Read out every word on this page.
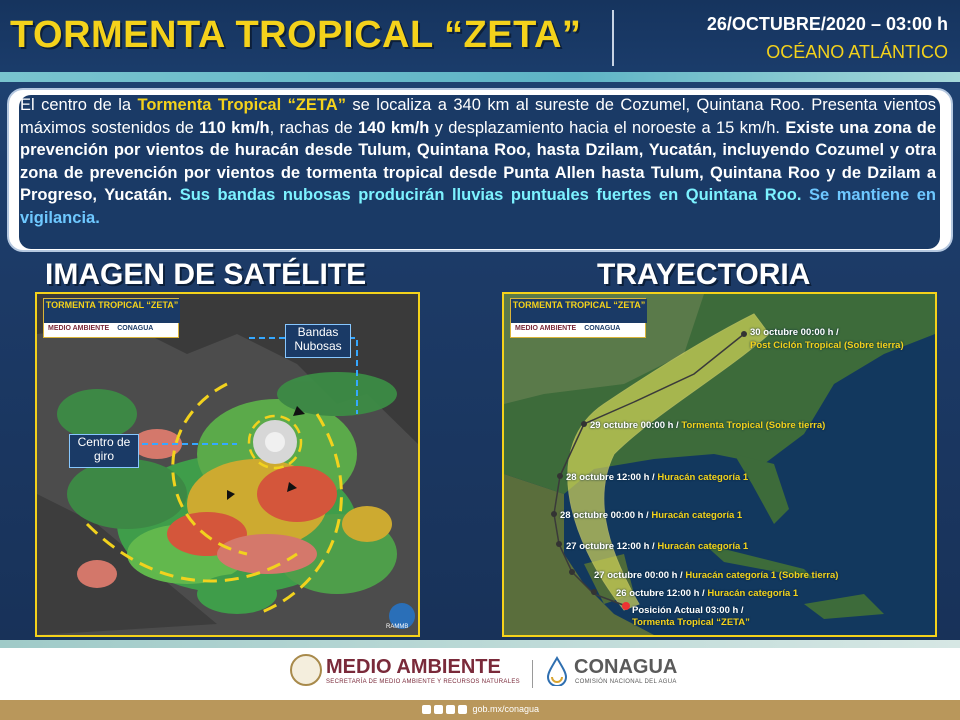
TORMENTA TROPICAL “ZETA”	26/OCTUBRE/2020 – 03:00 h
OCÉANO ATLÁNTICO
El centro de la Tormenta Tropical “ZETA” se localiza a 340 km al sureste de Cozumel, Quintana Roo. Presenta vientos máximos sostenidos de 110 km/h, rachas de 140 km/h y desplazamiento hacia el noroeste a 15 km/h. Existe una zona de prevención por vientos de huracán desde Tulum, Quintana Roo, hasta Dzilam, Yucatán, incluyendo Cozumel y otra zona de prevención por vientos de tormenta tropical desde Punta Allen hasta Tulum, Quintana Roo y de Dzilam a Progreso, Yucatán. Sus bandas nubosas producirán lluvias puntuales fuertes en Quintana Roo. Se mantiene en vigilancia.
IMAGEN DE SATÉLITE	TRAYECTORIA
TORMENTA TROPICAL “ZETA”
MEDIO AMBIENTE CONAGUA	Bandas Nubosas
Centro de giro
RAMMB
TORMENTA TROPICAL “ZETA”
MEDIO AMBIENTE CONAGUA	30 octubre 00:00 h /
Post Ciclón Tropical (Sobre tierra)
29 octubre 00:00 h / Tormenta Tropical (Sobre tierra)
28 octubre 12:00 h / Huracán categoría 1
28 octubre 00:00 h / Huracán categoría 1
27 octubre 12:00 h / Huracán categoría 1
27 octubre 00:00 h / Huracán categoría 1 (Sobre tierra)
26 octubre 12:00 h / Huracán categoría 1
Posición Actual 03:00 h /
Tormenta Tropical “ZETA”
MEDIO AMBIENTE
SECRETARÍA DE MEDIO AMBIENTE Y RECURSOS NATURALES
CONAGUA
COMISIÓN NACIONAL DEL AGUA
gob.mx/conagua
